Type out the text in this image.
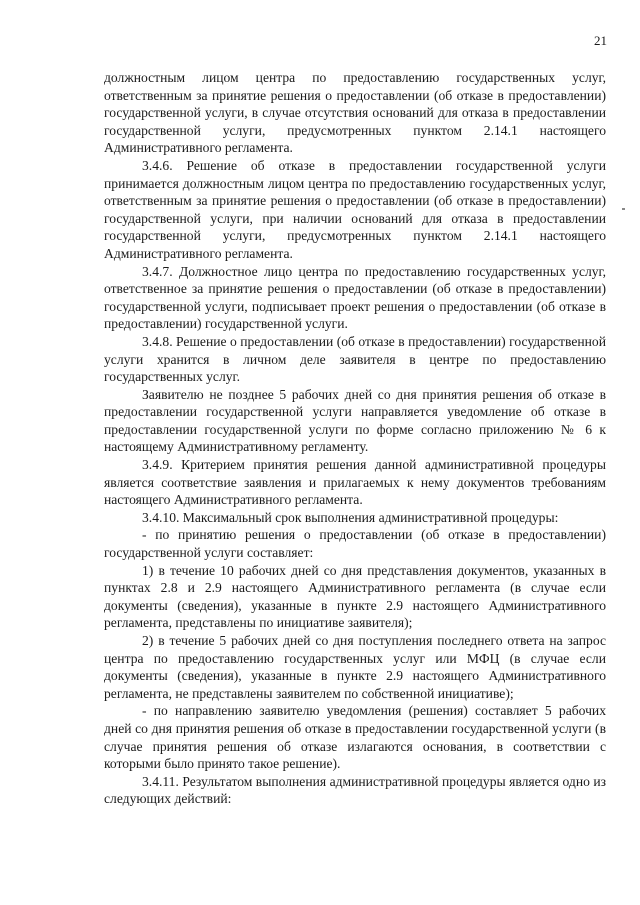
21

должностным лицом центра по предоставлению государственных услуг, ответственным за принятие решения о предоставлении (об отказе в предоставлении) государственной услуги, в случае отсутствия оснований для отказа в предоставлении государственной услуги, предусмотренных пунктом 2.14.1 настоящего Административного регламента.

3.4.6. Решение об отказе в предоставлении государственной услуги принимается должностным лицом центра по предоставлению государственных услуг, ответственным за принятие решения о предоставлении (об отказе в предоставлении) государственной услуги, при наличии оснований для отказа в предоставлении государственной услуги, предусмотренных пунктом 2.14.1 настоящего Административного регламента.

3.4.7. Должностное лицо центра по предоставлению государственных услуг, ответственное за принятие решения о предоставлении (об отказе в предоставлении) государственной услуги, подписывает проект решения о предоставлении (об отказе в предоставлении) государственной услуги.

3.4.8. Решение о предоставлении (об отказе в предоставлении) государственной услуги хранится в личном деле заявителя в центре по предоставлению государственных услуг.

Заявителю не позднее 5 рабочих дней со дня принятия решения об отказе в предоставлении государственной услуги направляется уведомление об отказе в предоставлении государственной услуги по форме согласно приложению № 6 к настоящему Административному регламенту.

3.4.9. Критерием принятия решения данной административной процедуры является соответствие заявления и прилагаемых к нему документов требованиям настоящего Административного регламента.

3.4.10. Максимальный срок выполнения административной процедуры:

- по принятию решения о предоставлении (об отказе в предоставлении) государственной услуги составляет:

1) в течение 10 рабочих дней со дня представления документов, указанных в пунктах 2.8 и 2.9 настоящего Административного регламента (в случае если документы (сведения), указанные в пункте 2.9 настоящего Административного регламента, представлены по инициативе заявителя);

2) в течение 5 рабочих дней со дня поступления последнего ответа на запрос центра по предоставлению государственных услуг или МФЦ (в случае если документы (сведения), указанные в пункте 2.9 настоящего Административного регламента, не представлены заявителем по собственной инициативе);

- по направлению заявителю уведомления (решения) составляет 5 рабочих дней со дня принятия решения об отказе в предоставлении государственной услуги (в случае принятия решения об отказе излагаются основания, в соответствии с которыми было принято такое решение).

3.4.11. Результатом выполнения административной процедуры является одно из следующих действий:
